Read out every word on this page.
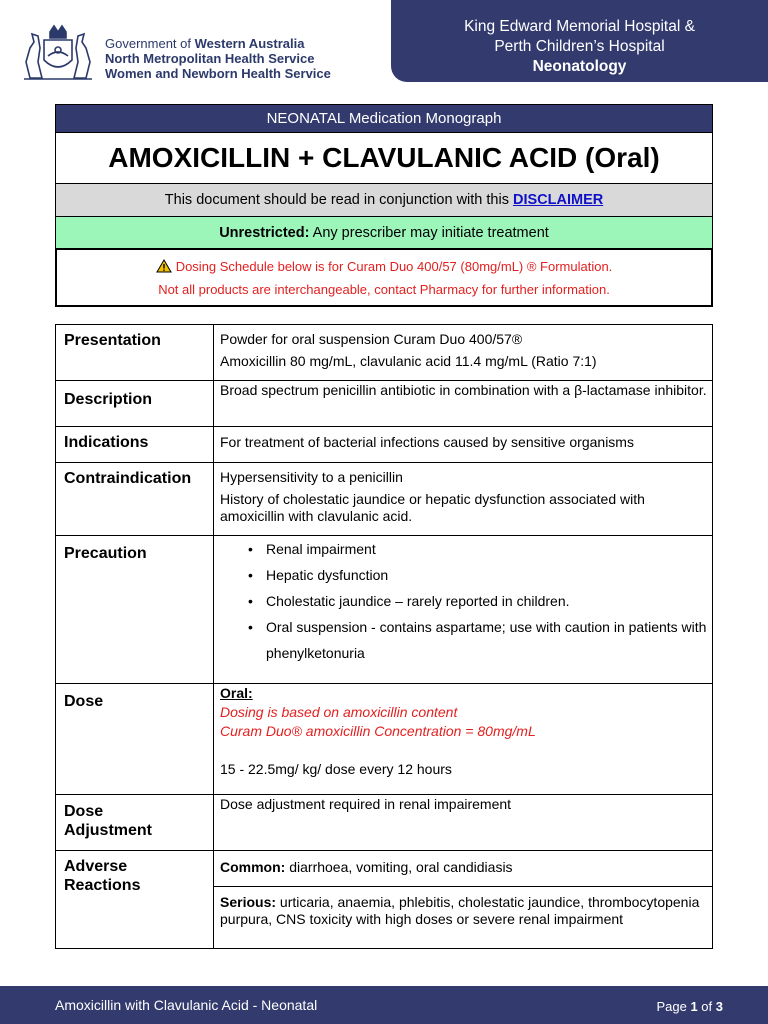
Government of Western Australia
North Metropolitan Health Service
Women and Newborn Health Service
King Edward Memorial Hospital &
Perth Children’s Hospital
Neonatology
NEONATAL Medication Monograph
AMOXICILLIN + CLAVULANIC ACID (Oral)
This document should be read in conjunction with this DISCLAIMER
Unrestricted: Any prescriber may initiate treatment
Dosing Schedule below is for Curam Duo 400/57 (80mg/mL) ® Formulation.
Not all products are interchangeable, contact Pharmacy for further information.
Presentation	Powder for oral suspension Curam Duo 400/57®
Amoxicillin 80 mg/mL, clavulanic acid 11.4 mg/mL (Ratio 7:1)

Description	Broad spectrum penicillin antibiotic in combination with a β-lactamase inhibitor.
Indications	For treatment of bacterial infections caused by sensitive organisms
Contraindication	Hypersensitivity to a penicillin
History of cholestatic jaundice or hepatic dysfunction associated with amoxicillin with clavulanic acid.

Precaution	
•Renal impairment
• Hepatic dysfunction
• Cholestatic jaundice – rarely reported in children.
• Oral suspension - contains aspartame; use with caution in patients with phenylketonuria

Dose	Oral:
Dosing is based on amoxicillin content
Curam Duo® amoxicillin Concentration = 80mg/mL
15 - 22.5mg/ kg/ dose every 12 hours

Dose
Adjustment
	Dose adjustment required in renal impairement

Adverse
Reactions

Common: diarrhoea, vomiting, oral candidiasis
Serious: urticaria, anaemia, phlebitis, cholestatic jaundice, thrombocytopenia purpura, CNS toxicity with high doses or severe renal impairment
Amoxicillin with Clavulanic Acid - Neonatal	Page 1 of 3
